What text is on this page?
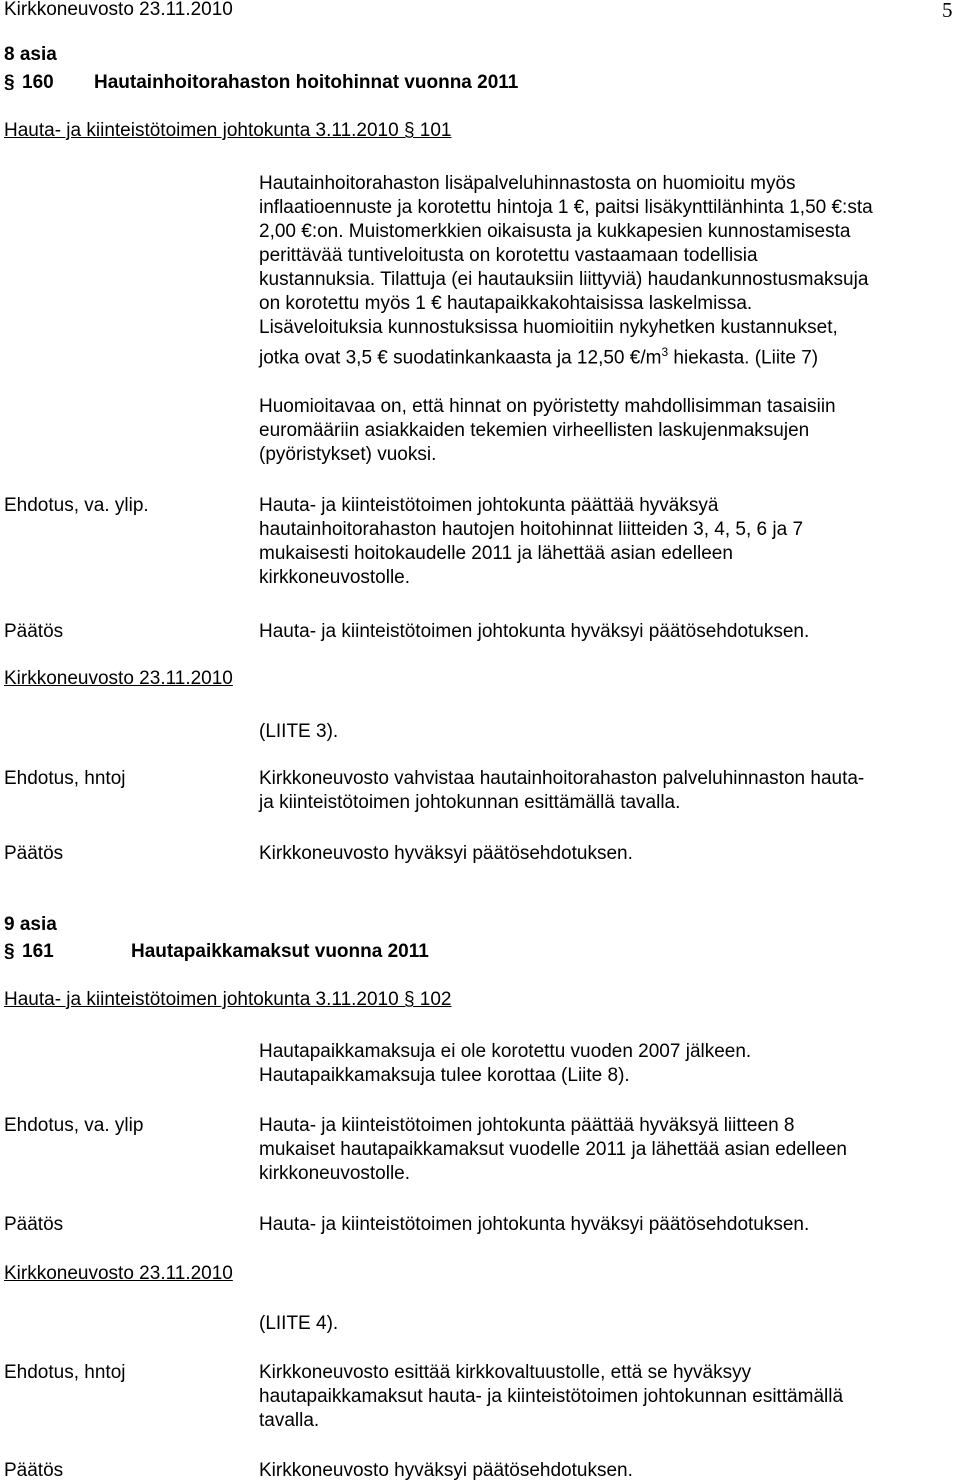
Kirkkoneuvosto 23.11.2010	5
8 asia
§ 160 Hautainhoitorahaston hoitohinnat vuonna 2011
Hauta- ja kiinteistötoimen johtokunta 3.11.2010 § 101

Hautainhoitorahaston lisäpalveluhinnastosta on huomioitu myös

inflaatioennuste ja korotettu hintoja 1 €, paitsi lisäkynttilänhinta 1,50 €:sta

2,00 €:on. Muistomerkkien oikaisusta ja kukkapesien kunnostamisesta

perittävää tuntiveloitusta on korotettu vastaamaan todellisia

kustannuksia. Tilattuja (ei hautauksiin liittyviä) haudankunnostusmaksuja

on korotettu myös 1 € hautapaikkakohtaisissa laskelmissa.

Lisäveloituksia kunnostuksissa huomioitiin nykyhetken kustannukset,

jotka ovat 3,5 € suodatinkankaasta ja 12,50 $€/m^3$ hiekasta. (Liite 7)

Huomioitavaa on, että hinnat on pyöristetty mahdollisimman tasaisiin

euromääriin asiakkaiden tekemien virheellisten laskujenmaksujen

(pyöristykset) vuoksi.

Ehdotus, va. ylip.	Hauta- ja kiinteistötoimen johtokunta päättää hyväksyä

hautainhoitorahaston hautojen hoitohinnat liitteiden 3, 4, 5, 6 ja 7

mukaisesti hoitokaudelle 2011 ja lähettää asian edelleen

kirkkoneuvostolle.

Päätös	Hauta- ja kiinteistötoimen johtokunta hyväksyi päätösehdotuksen.
Kirkkoneuvosto 23.11.2010
(LIITE 3).
Ehdotus, hntoj	Kirkkoneuvosto vahvistaa hautainhoitorahaston palveluhinnaston hauta-

ja kiinteistötoimen johtokunnan esittämällä tavalla.

Päätös	Kirkkoneuvosto hyväksyi päätösehdotuksen.
9 asia
§ 161	Hautapaikkamaksut vuonna 2011
Hauta- ja kiinteistötoimen johtokunta 3.11.2010 § 102

Hautapaikkamaksuja ei ole korotettu vuoden 2007 jälkeen.

Hautapaikkamaksuja tulee korottaa (Liite 8).

Ehdotus, va. ylip	Hauta- ja kiinteistötoimen johtokunta päättää hyväksyä liitteen 8

mukaiset hautapaikkamaksut vuodelle 2011 ja lähettää asian edelleen

kirkkoneuvostolle.

Päätös	Hauta- ja kiinteistötoimen johtokunta hyväksyi päätösehdotuksen.
Kirkkoneuvosto 23.11.2010
(LIITE 4).
Ehdotus, hntoj	Kirkkoneuvosto esittää kirkkovaltuustolle, että se hyväksyy

hautapaikkamaksut hauta- ja kiinteistötoimen johtokunnan esittämällä

tavalla.

Päätös	Kirkkoneuvosto hyväksyi päätösehdotuksen.
